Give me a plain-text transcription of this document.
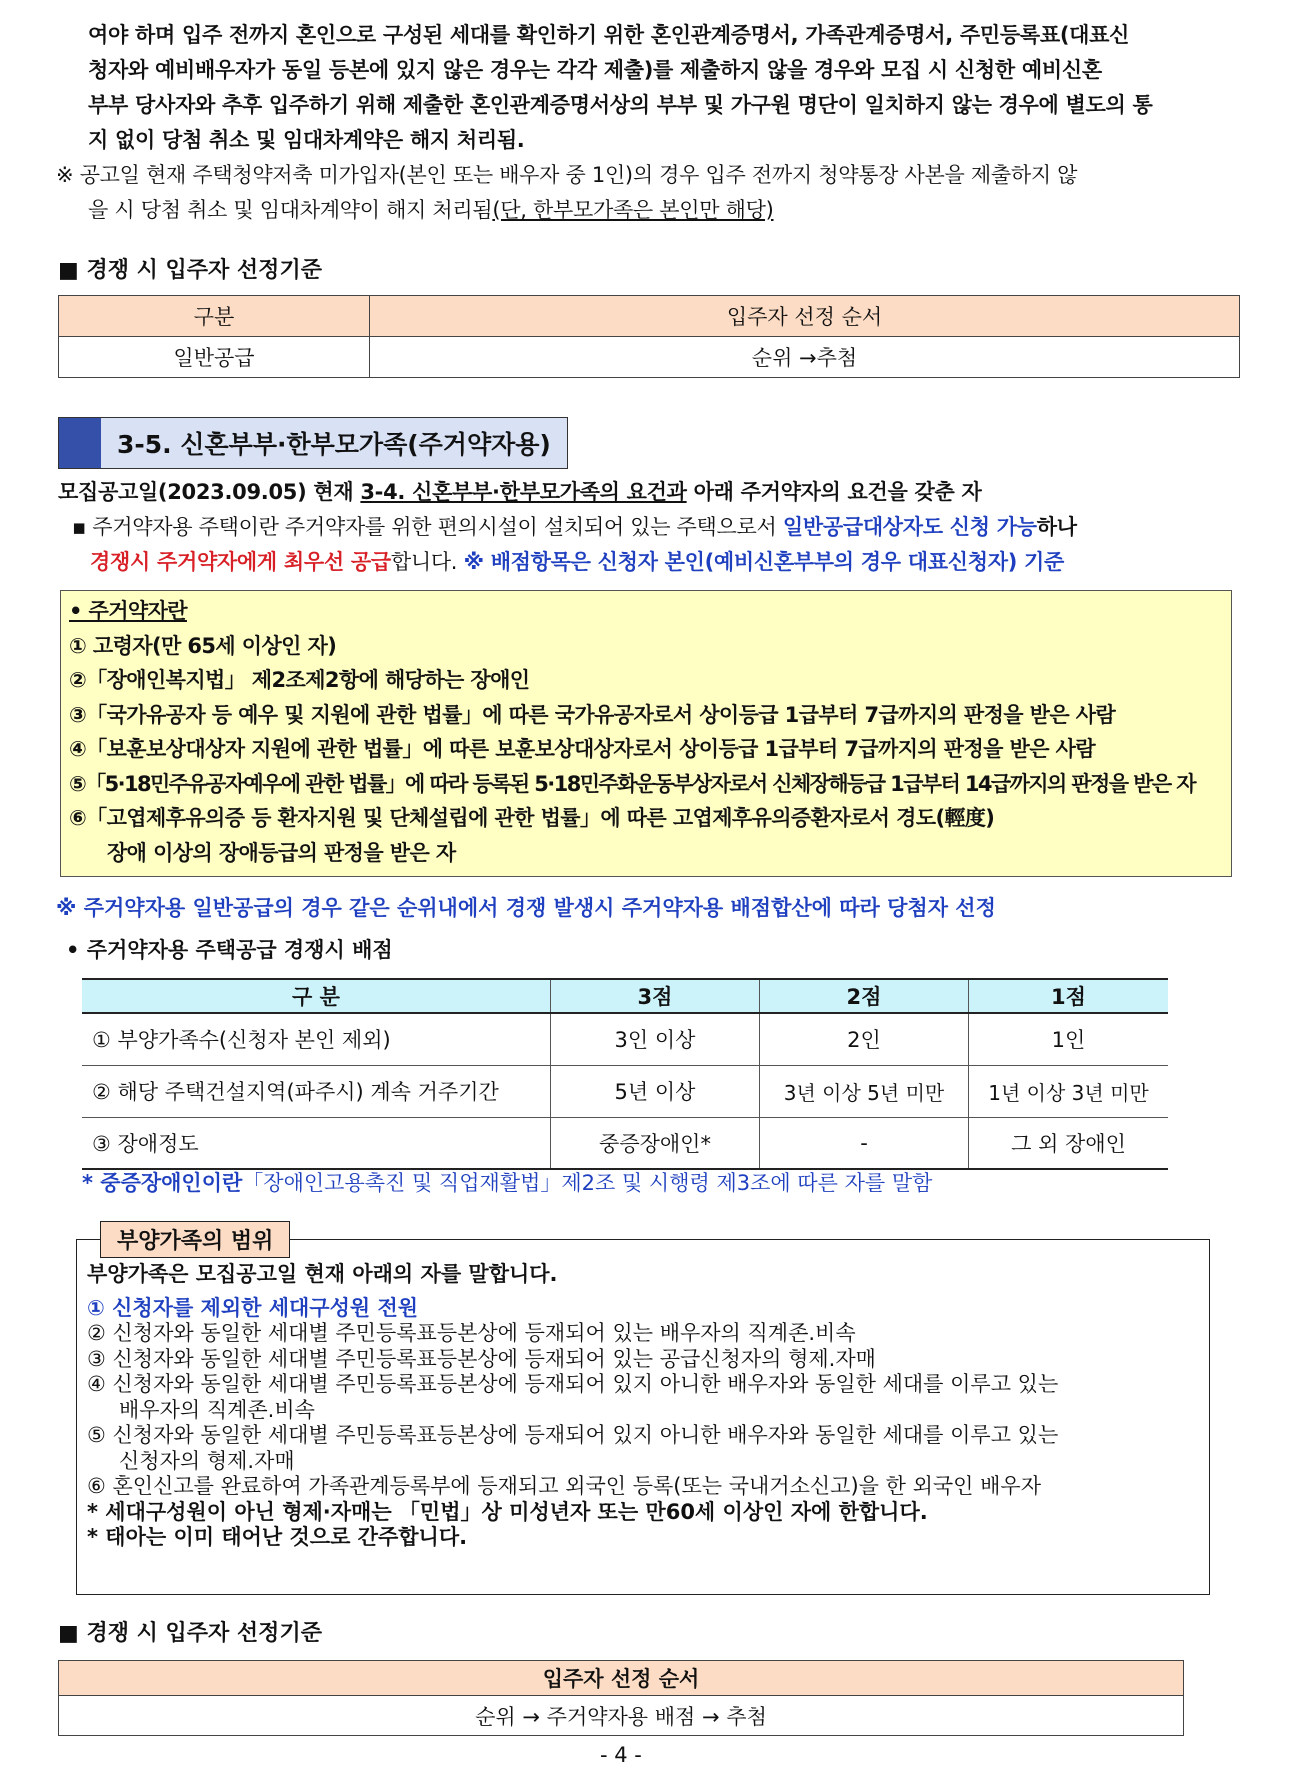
여야 하며 입주 전까지 혼인으로 구성된 세대를 확인하기 위한 혼인관계증명서, 가족관계증명서, 주민등록표(대표신
청자와 예비배우자가 동일 등본에 있지 않은 경우는 각각 제출)를 제출하지 않을 경우와 모집 시 신청한 예비신혼
부부 당사자와 추후 입주하기 위해 제출한 혼인관계증명서상의 부부 및 가구원 명단이 일치하지 않는 경우에 별도의 통
지 없이 당첨 취소 및 임대차계약은 해지 처리됨.
※ 공고일 현재 주택청약저축 미가입자(본인 또는 배우자 중 1인)의 경우 입주 전까지 청약통장 사본을 제출하지 않
을 시 당첨 취소 및 임대차계약이 해지 처리됨(단, 한부모가족은 본인만 해당)
■ 경쟁 시 입주자 선정기준
구분	입주자 선정 순서
일반공급	순위 →추첨
3-5. 신혼부부·한부모가족(주거약자용)
모집공고일(2023.09.05) 현재 3-4. 신혼부부·한부모가족의 요건과 아래 주거약자의 요건을 갖춘 자
▪ 주거약자용 주택이란 주거약자를 위한 편의시설이 설치되어 있는 주택으로서 일반공급대상자도 신청 가능하나
경쟁시 주거약자에게 최우선 공급합니다. ※ 배점항목은 신청자 본인(예비신혼부부의 경우 대표신청자) 기준
• 주거약자란
① 고령자(만 65세 이상인 자)
②「장애인복지법」 제2조제2항에 해당하는 장애인
③「국가유공자 등 예우 및 지원에 관한 법률」에 따른 국가유공자로서 상이등급 1급부터 7급까지의 판정을 받은 사람
④「보훈보상대상자 지원에 관한 법률」에 따른 보훈보상대상자로서 상이등급 1급부터 7급까지의 판정을 받은 사람
⑤「5·18민주유공자예우에 관한 법률」에 따라 등록된 5·18민주화운동부상자로서 신체장해등급 1급부터 14급까지의 판정을 받은 자
⑥「고엽제후유의증 등 환자지원 및 단체설립에 관한 법률」에 따른 고엽제후유의증환자로서 경도(輕度)
장애 이상의 장애등급의 판정을 받은 자
※ 주거약자용 일반공급의 경우 같은 순위내에서 경쟁 발생시 주거약자용 배점합산에 따라 당첨자 선정
• 주거약자용 주택공급 경쟁시 배점
구 분	3점	2점	1점
① 부양가족수(신청자 본인 제외)	3인 이상	2인	1인
② 해당 주택건설지역(파주시) 계속 거주기간	5년 이상	3년 이상 5년 미만	1년 이상 3년 미만
③ 장애정도	중증장애인*	-	그 외 장애인
* 중증장애인이란「장애인고용촉진 및 직업재활법」제2조 및 시행령 제3조에 따른 자를 말함
부양가족은 모집공고일 현재 아래의 자를 말합니다.
① 신청자를 제외한 세대구성원 전원
② 신청자와 동일한 세대별 주민등록표등본상에 등재되어 있는 배우자의 직계존.비속
③ 신청자와 동일한 세대별 주민등록표등본상에 등재되어 있는 공급신청자의 형제.자매
④ 신청자와 동일한 세대별 주민등록표등본상에 등재되어 있지 아니한 배우자와 동일한 세대를 이루고 있는
배우자의 직계존.비속
⑤ 신청자와 동일한 세대별 주민등록표등본상에 등재되어 있지 아니한 배우자와 동일한 세대를 이루고 있는
신청자의 형제.자매
⑥ 혼인신고를 완료하여 가족관계등록부에 등재되고 외국인 등록(또는 국내거소신고)을 한 외국인 배우자
* 세대구성원이 아닌 형제·자매는 「민법」상 미성년자 또는 만60세 이상인 자에 한합니다.
* 태아는 이미 태어난 것으로 간주합니다.
부양가족의 범위
■ 경쟁 시 입주자 선정기준
입주자 선정 순서
순위 → 주거약자용 배점 → 추첨
- 4 -
